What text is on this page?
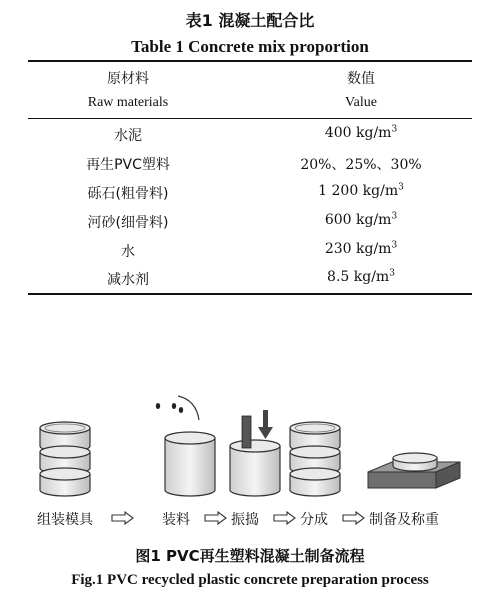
表1 混凝土配合比
Table 1 Concrete mix proportion
原材料	数值
Raw materials	Value
水泥	400 $kg/m^3$
再生PVC塑料	20%、25%、30%
砾石(粗骨料)	1 200 $kg/m^3$
河砂(细骨料)	600 $kg/m^3$
水	230 $kg/m^3$
减水剂	8.5 $kg/m^3$
组装模具	装料	振捣	分成	制备及称重
图1 PVC再生塑料混凝土制备流程
Fig.1 PVC recycled plastic concrete preparation process
